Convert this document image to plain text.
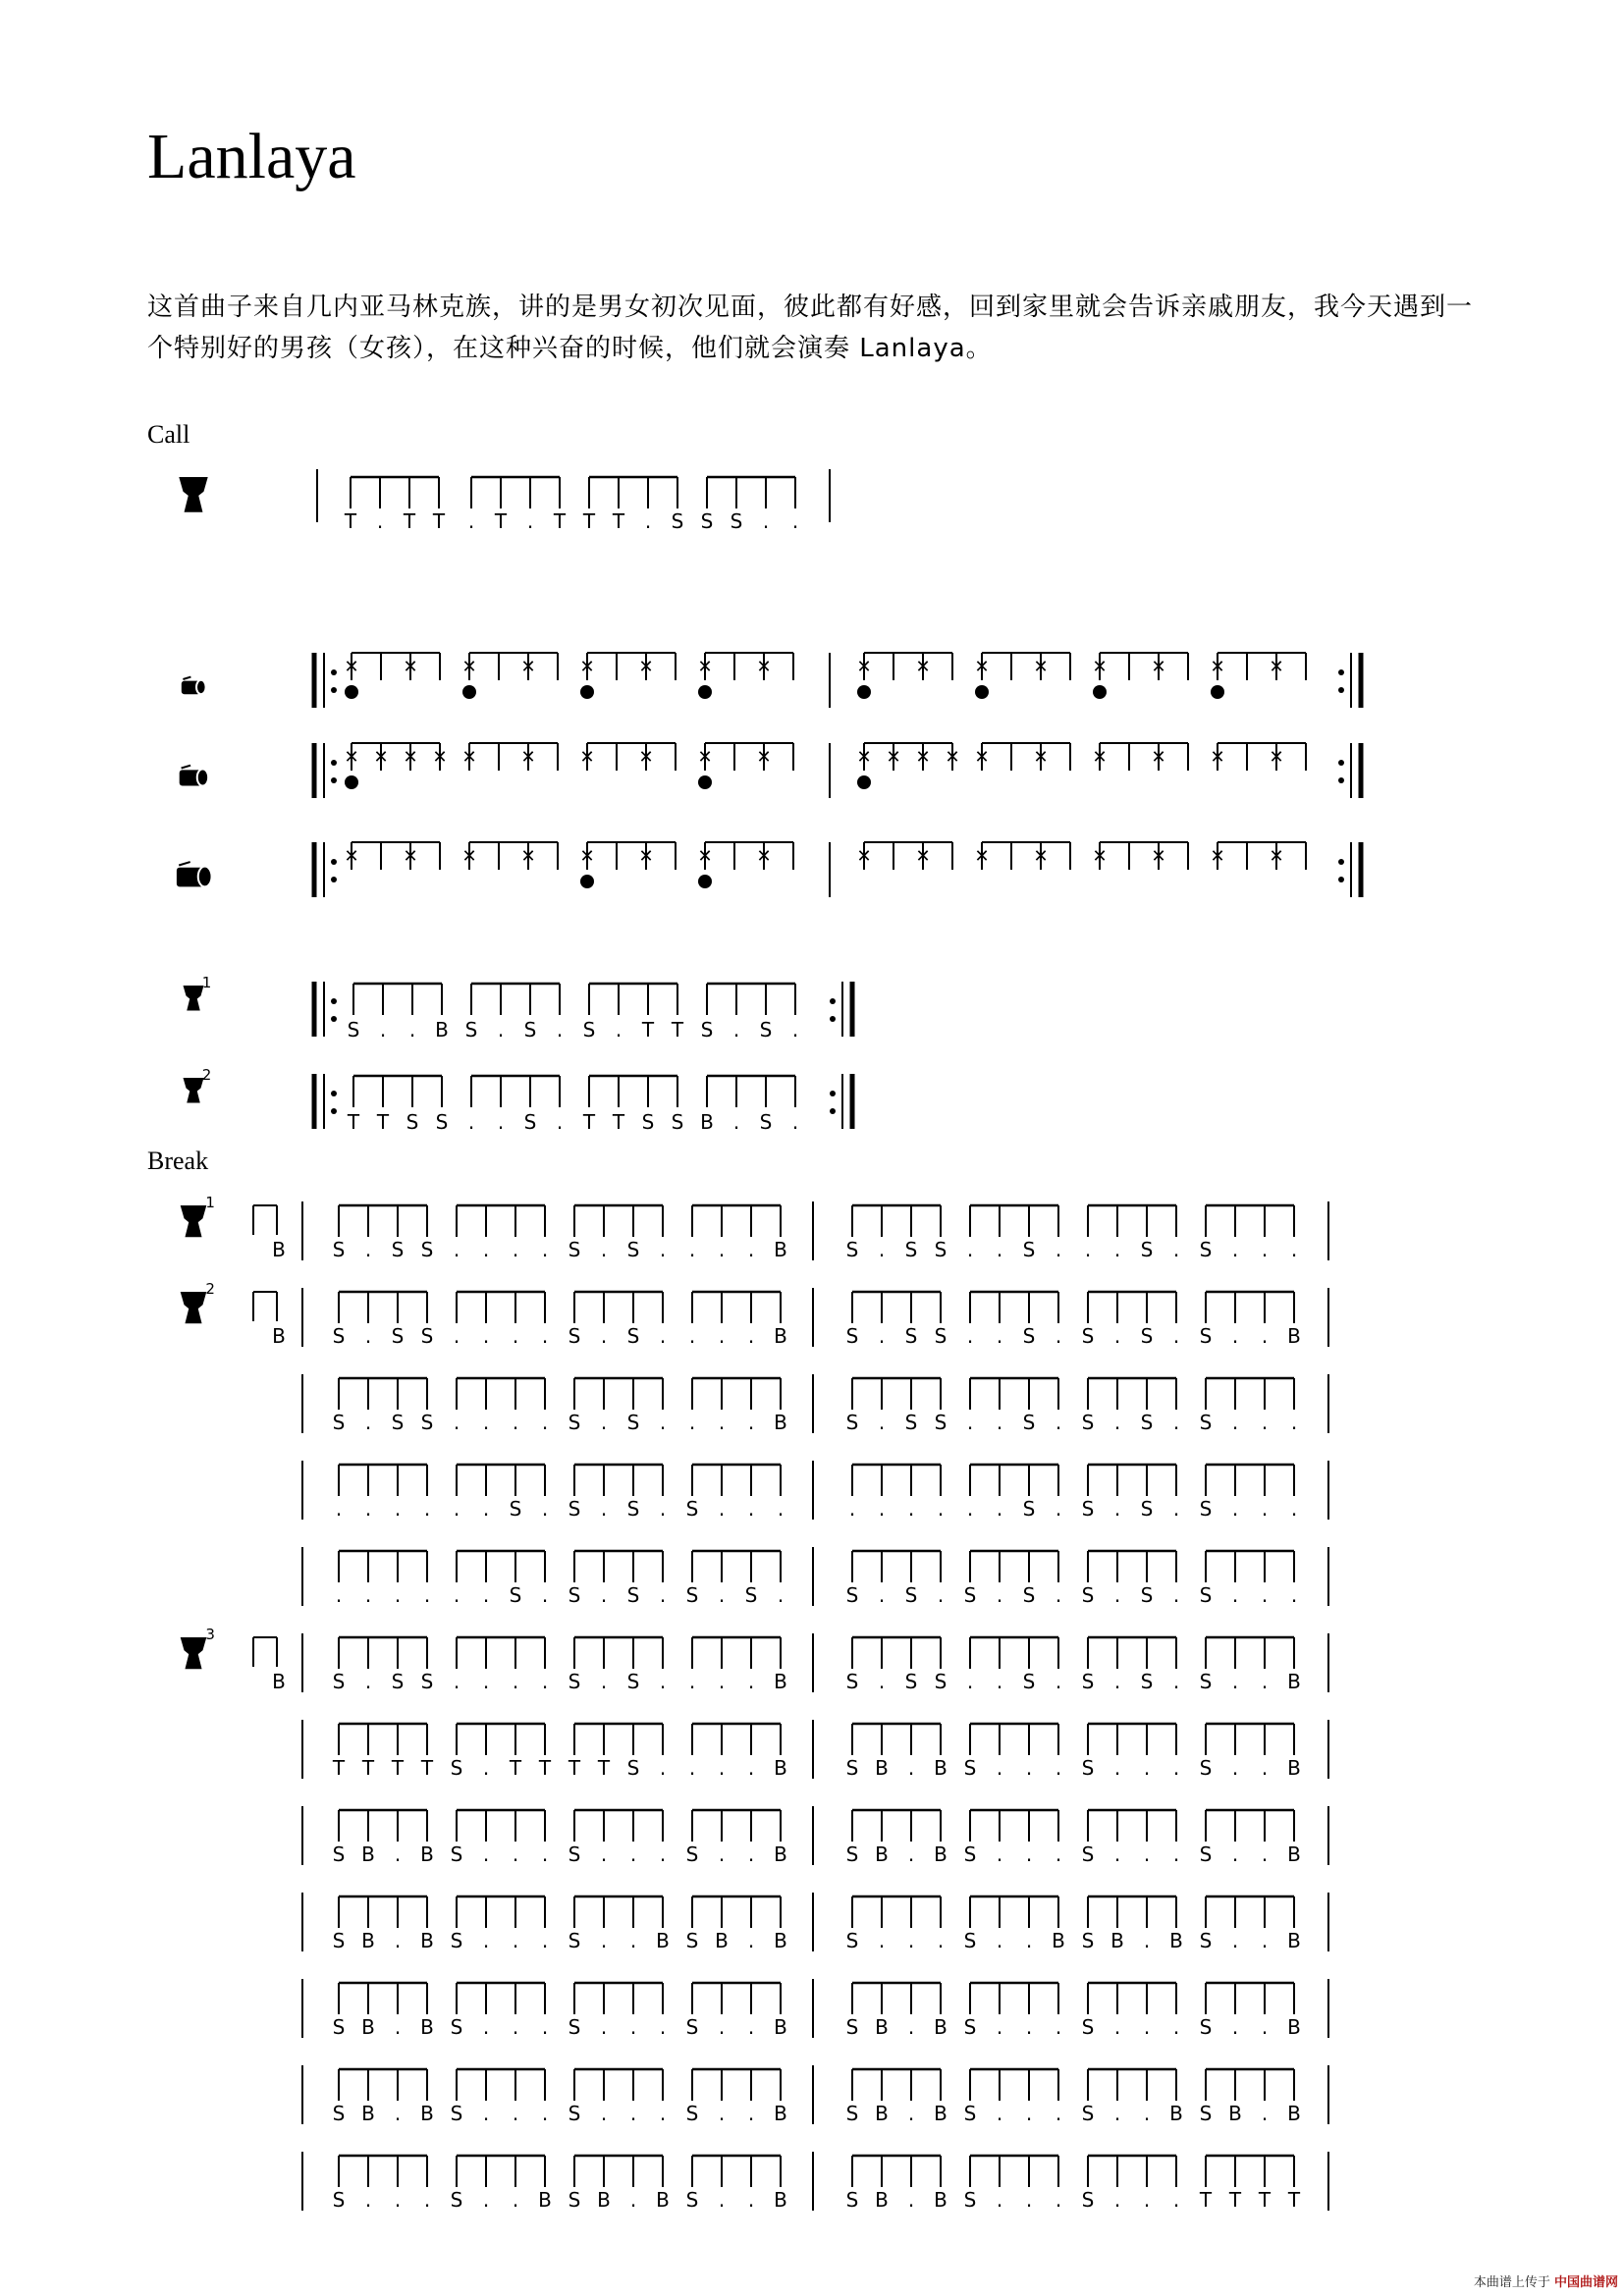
Lanlaya
这首曲子来自几内亚马林克族，讲的是男女初次见面，彼此都有好感，回到家里就会告诉亲戚朋友，我今天遇到一个特别好的男孩（女孩），在这种兴奋的时候，他们就会演奏 Lanlaya。
Call
Break
T . T T . T . T T T . S S S . .
✕ ✕ ✕ ✕ ✕ ✕ ✕ ✕	✕ ✕ ✕ ✕ ✕ ✕ ✕ ✕
✕ ✕ ✕ ✕ ✕ ✕ ✕ ✕ ✕ ✕	✕ ✕ ✕ ✕ ✕ ✕ ✕ ✕ ✕ ✕
✕ ✕ ✕ ✕ ✕ ✕ ✕ ✕	✕ ✕ ✕ ✕ ✕ ✕ ✕ ✕
1
S . . B S . S . S . T T S . S .
2
T T S S . . S . T T S S B . S .
1
B S . S S . . . . S . S . . . . B	S . S S . . S . . . S . S . . .
2
B S . S S . . . . S . S . . . . B	S . S S . . S . S . S . S . . B
S . S S . . . . S . S . . . . B	S . S S . . S . S . S . S . . .
. . . . . . S . S . S . S . . .	. . . . . . S . S . S . S . . .
. . . . . . S . S . S . S . S .	S . S . S . S . S . S . S . . .
3
B S . S S . . . . S . S . . . . B	S . S S . . S . S . S . S . . B
T T T T S . T T T T S . . . . B	S B . B S . . . S . . . S . . B
S B . B S . . . S . . . S . . B	S B . B S . . . S . . . S . . B
S B . B S . . . S . . B S B . B	S . . . S . . B S B . B S . . B
S B . B S . . . S . . . S . . B	S B . B S . . . S . . . S . . B
S B . B S . . . S . . . S . . B	S B . B S . . . S . . B S B . B
S . . . S . . B S B . B S . . B	S B . B S . . . S . . . T T T T
本曲谱上传于 中国曲谱网
